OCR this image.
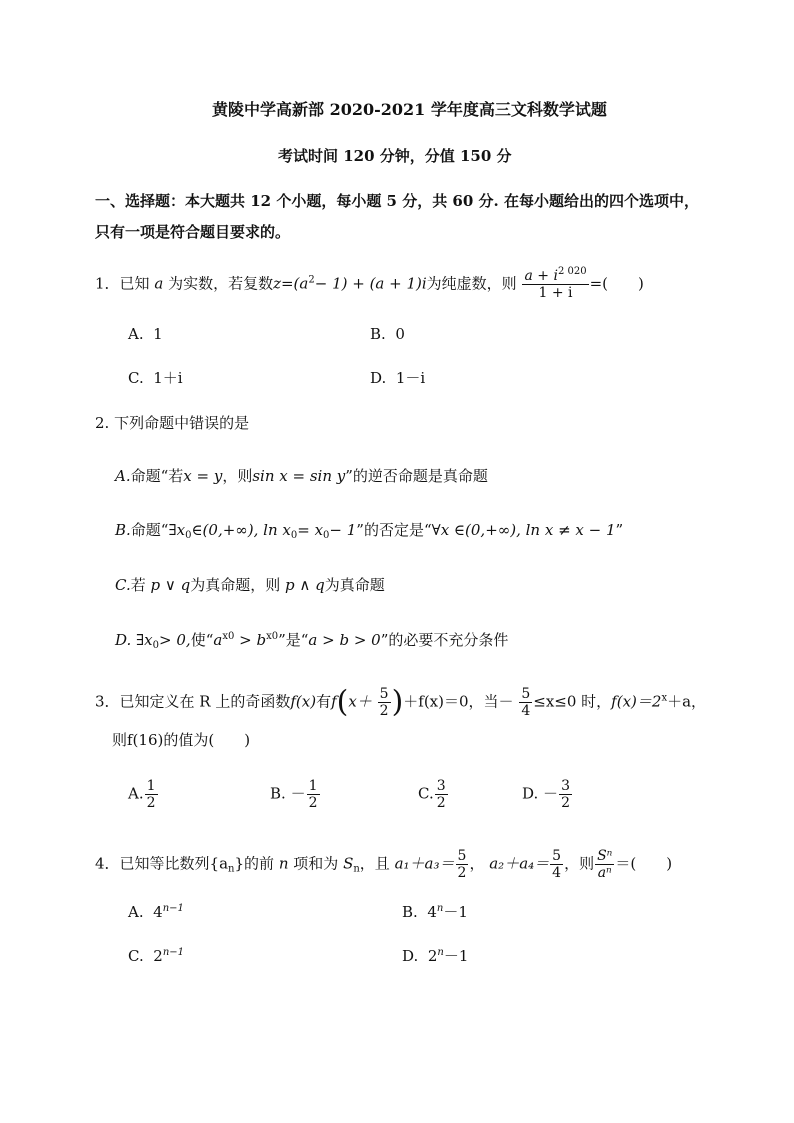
黄陵中学高新部 2020-2021 学年度高三文科数学试题
考试时间 120 分钟，分值 150 分
一、选择题：本大题共 12 个小题，每小题 5 分，共 60 分. 在每小题给出的四个选项中，
只有一项是符合题目要求的。
1．已知 a 为实数，若复数$z=(a^2- 1) + (a + 1)i$为纯虚数，则 $\frac{a + i^{2 020}}{1 + i}$ =(　　)
A. 1	B. 0
C. 1＋i	D. 1－i
2. 下列命题中错误的是
A.命题“若x = y，则sin x = sin y”的逆否命题是真命题
B.命题“$\exists x_0\in(0,+\infty)$, $\ln x_0= x_0- 1$”的否定是“∀x ∈(0,+∞), ln x ≠ x − 1”
C.若 p ∨ q为真命题，则 p ∧ q为真命题
D. $\exists x_0> 0$,使“$a^{x0} > b^{x0}$”是“a > b > 0”的必要不充分条件
3．已知定义在 R 上的奇函数f(x)有$f(x+ \frac{5}{2} )+f(x)=0$，当－ $\frac{5}{4} \le x\le 0$ 时，$f(x)=2^x+a$，
则f(16)的值为(　　)
A. $\frac{1}{2}$	B. － $\frac{1}{2}$	C. $\frac{3}{2}$	D. － $\frac{3}{2}$
4．已知等比数列$\{a_n\}$的前 n 项和为 $S_n$，且 $a_1+a_3= \frac{5}{2}$ ， $a_2+a_4= \frac{5}{4}$ ，则 $\frac{\text{Sⁿ}}{\text{aⁿ}}$ ＝(　　)
A. $4^{n-1}$	B. $4^n-1$
C. $2^{n-1}$	D. $2^n-1$
